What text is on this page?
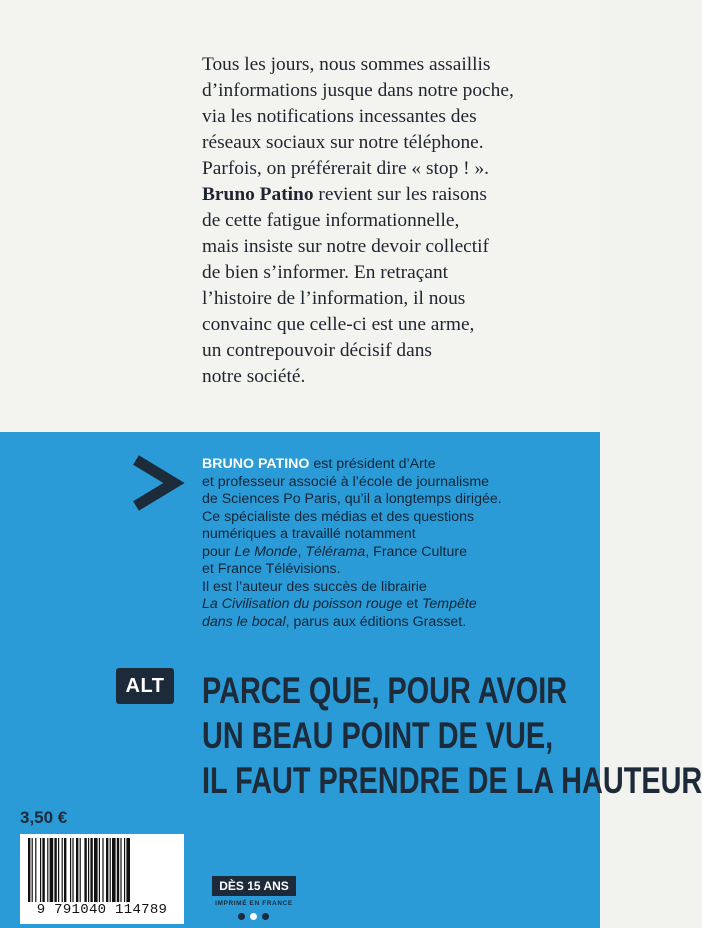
Tous les jours, nous sommes assaillis
d’informations jusque dans notre poche,
via les notifications incessantes des
réseaux sociaux sur notre téléphone.
Parfois, on préférerait dire « stop ! ».
Bruno Patino revient sur les raisons
de cette fatigue informationnelle,
mais insiste sur notre devoir collectif
de bien s’informer. En retraçant
l’histoire de l’information, il nous
convainc que celle-ci est une arme,
un contrepouvoir décisif dans
notre société.
BRUNO PATINO est président d’Arte
et professeur associé à l’école de journalisme
de Sciences Po Paris, qu’il a longtemps dirigée.
Ce spécialiste des médias et des questions
numériques a travaillé notamment
pour Le Monde, Télérama, France Culture
et France Télévisions.
Il est l’auteur des succès de librairie
La Civilisation du poisson rouge et Tempête
dans le bocal, parus aux éditions Grasset.
ALT PARCE QUE, POUR AVOIR
UN BEAU POINT DE VUE,
IL FAUT PRENDRE DE LA HAUTEUR
3,50 €
9 791040 114789
DÈS 15 ANS
IMPRIMÉ EN FRANCE
